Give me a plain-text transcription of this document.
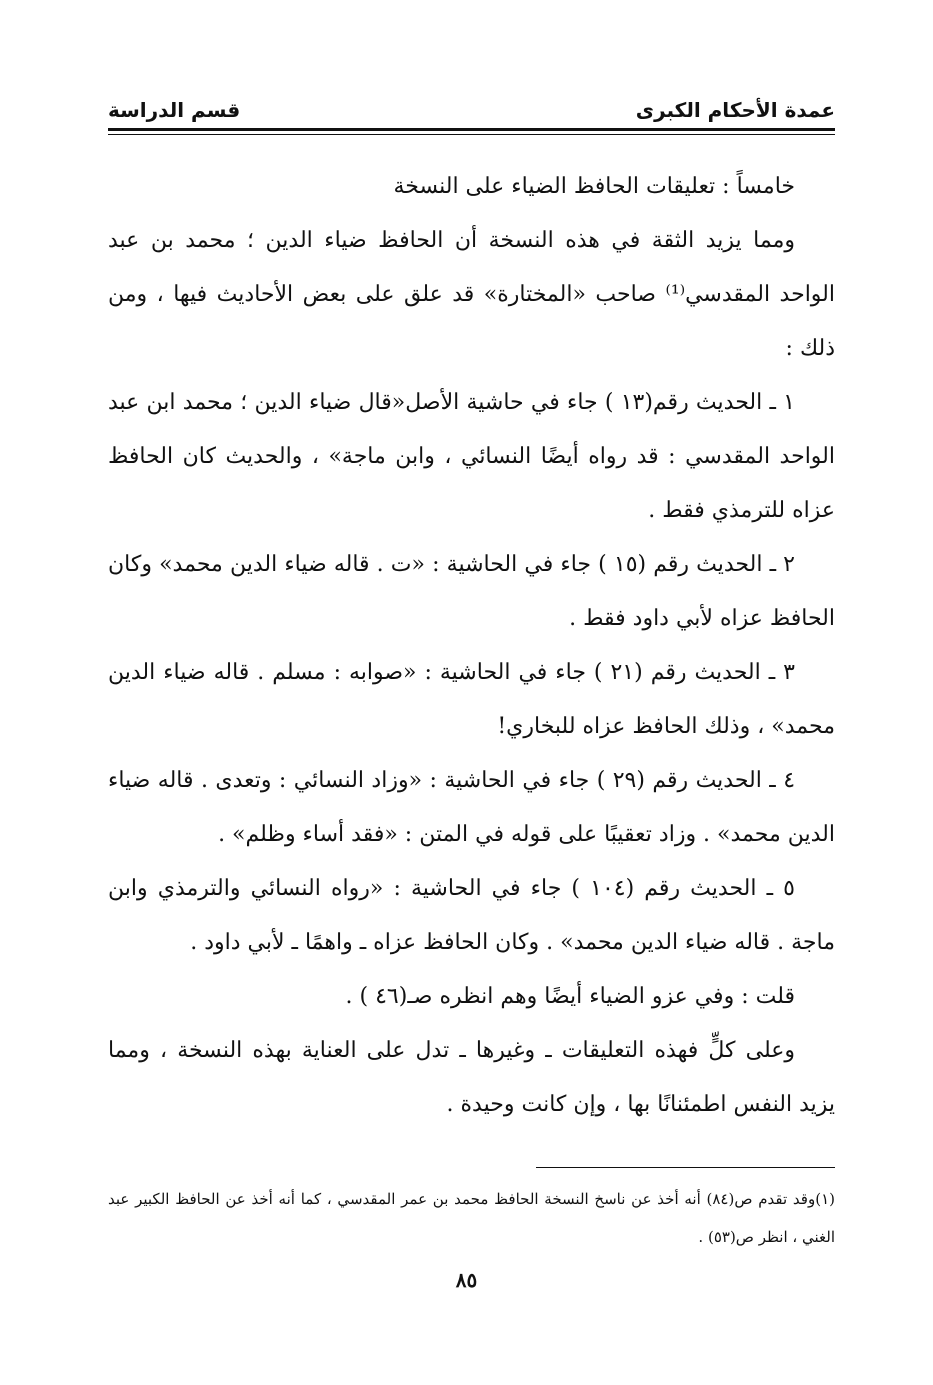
عمدة الأحكام الكبرى
قسم الدراسة

خامساً : تعليقات الحافظ الضياء على النسخة

ومما يزيد الثقة في هذه النسخة أن الحافظ ضياء الدين ؛ محمد بن عبد الواحد المقدسي⁽¹⁾ صاحب «المختارة» قد علق على بعض الأحاديث فيها ، ومن ذلك :

١ ـ الحديث رقم(١٣ ) جاء في حاشية الأصل«قال ضياء الدين ؛ محمد ابن عبد الواحد المقدسي : قد رواه أيضًا النسائي ، وابن ماجة» ، والحديث كان الحافظ عزاه للترمذي فقط .

٢ ـ الحديث رقم (١٥ ) جاء في الحاشية : «ت . قاله ضياء الدين محمد» وكان الحافظ عزاه لأبي داود فقط .

٣ ـ الحديث رقم (٢١ ) جاء في الحاشية : «صوابه : مسلم . قاله ضياء الدين محمد» ، وذلك الحافظ عزاه للبخاري!

٤ ـ الحديث رقم (٢٩ ) جاء في الحاشية : «وزاد النسائي : وتعدى . قاله ضياء الدين محمد» . وزاد تعقيبًا على قوله في المتن : «فقد أساء وظلم» .

٥ ـ الحديث رقم (١٠٤ ) جاء في الحاشية : «رواه النسائي والترمذي وابن ماجة . قاله ضياء الدين محمد» . وكان الحافظ عزاه ـ واهمًا ـ لأبي داود .

قلت : وفي عزو الضياء أيضًا وهم انظره صـ(٤٦ ) .

وعلى كلٍّ فهذه التعليقات ـ وغيرها ـ تدل على العناية بهذه النسخة ، ومما يزيد النفس اطمئنانًا بها ، وإن كانت وحيدة .

(١)وقد تقدم ص(٨٤) أنه أخذ عن ناسخ النسخة الحافظ محمد بن عمر المقدسي ، كما أنه أخذ عن الحافظ الكبير عبد الغني ، انظر ص(٥٣) .

٨٥
